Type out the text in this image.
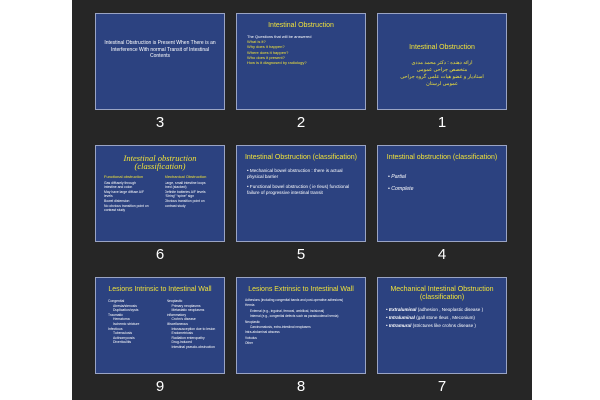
Intestinal Obstruction is Present When There is an Interference With normal Transit of Intestinal Contents
3
Intestinal Obstruction
The Questions that will be answered
What is it?
Why does it happen?
Where does it happen?
Who does it present?
How is it diagnosed by radiology?
2
Intestinal Obstruction
ارائه دهنده : دکتر محمد مددی
متخصص جراحی عمومی
استادیار و عضو هیات علمی گروه جراحی
عمومی لرستان
1
Intestinal obstruction (classification)
Functional obstruction
Gas diffusely through
intestine and colon
May have large diffuse A/F
levels
Bowel distension
No obvious transition point on
contrast study
Mechanical Obstruction
Large, small intestine loops
lined (stacked)
Definite batteries A/F levels
“String” “spine” sign
Obvious transition point on
contrast study
6
Intestinal Obstruction (classification)
• Mechanical bowel obstruction : there is actual physical barrier
• Functional bowel obstruction ( ie Ileus) functional failure of progressive intestinal transit
5
Intestinal obstruction (classification)
• Partial
• Complete
4
Lesions Intrinsic to Intestinal Wall
Congenital
Atresia/stenosis
Duplication/cysts
Traumatic
Hematoma
Ischemic stricture
Infectious
Tuberculosis
Actinomycosis
Diverticulitis
Neoplastic
Primary neoplasms
Metastatic neoplasms
Inflammatory
Crohn's disease
Miscellaneous
Intussusception due to lesion
Endometriosis
Radiation enteropathy
Drug-induced
Intestinal pseudo-obstruction
9
Lesions Extrinsic to Intestinal Wall
Adhesions (including congenital bands and post-operative adhesions)
Hernia
External (e.g., inguinal, femoral, umbilical, incisional)
Internal (e.g., congenital defects such as paraduodenal hernia)
Neoplastic
Carcinomatosis, extra-intestinal neoplasms
Intra-abdominal abscess
Volvulus
Other
8
Mechanical Intestinal Obstruction (classification)
• Extraluminal (adhesion , Neoplastic disease )
• Intraluminal (gall stone Ileus , Meconium)
• Intramural (strictures like crohns disease )
7
